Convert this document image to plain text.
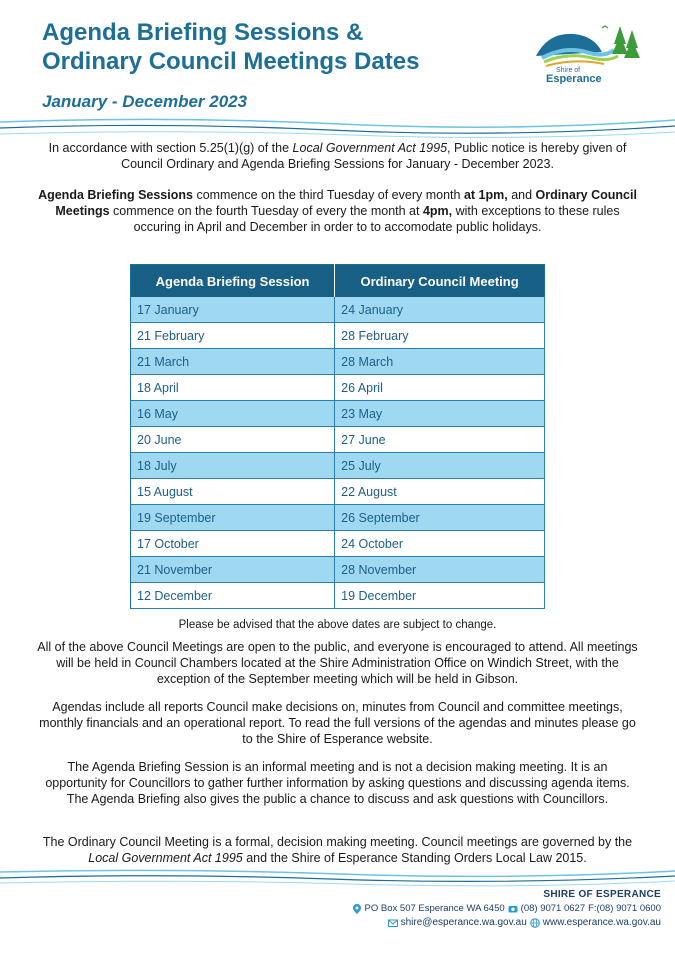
Agenda Briefing Sessions &
Ordinary Council Meetings Dates
January - December 2023
Shire of
Esperance

In accordance with section 5.25(1)(g) of the Local Government Act 1995, Public notice is hereby given of Council Ordinary and Agenda Briefing Sessions for January - December 2023.

Agenda Briefing Sessions commence on the third Tuesday of every month at 1pm, and Ordinary Council Meetings commence on the fourth Tuesday of every the month at 4pm, with exceptions to these rules occuring in April and December in order to to accomodate public holidays.

Agenda Briefing Session	Ordinary Council Meeting
17 January	24 January
21 February	28 February
21 March	28 March
18 April	26 April
16 May	23 May
20 June	27 June
18 July	25 July
15 August	22 August
19 September	26 September
17 October	24 October
21 November	28 November
12 December	19 December

Please be advised that the above dates are subject to change.

All of the above Council Meetings are open to the public, and everyone is encouraged to attend. All meetings will be held in Council Chambers located at the Shire Administration Office on Windich Street, with the exception of the September meeting which will be held in Gibson.

Agendas include all reports Council make decisions on, minutes from Council and committee meetings, monthly financials and an operational report. To read the full versions of the agendas and minutes please go to the Shire of Esperance website.

The Agenda Briefing Session is an informal meeting and is not a decision making meeting. It is an opportunity for Councillors to gather further information by asking questions and discussing agenda items. The Agenda Briefing also gives the public a chance to discuss and ask questions with Councillors.

The Ordinary Council Meeting is a formal, decision making meeting. Council meetings are governed by the Local Government Act 1995 and the Shire of Esperance Standing Orders Local Law 2015.

SHIRE OF ESPERANCE

PO Box 507 Esperance WA 6450 (08) 9071 0627 F:(08) 9071 0600

shire@esperance.wa.gov.au www.esperance.wa.gov.au
